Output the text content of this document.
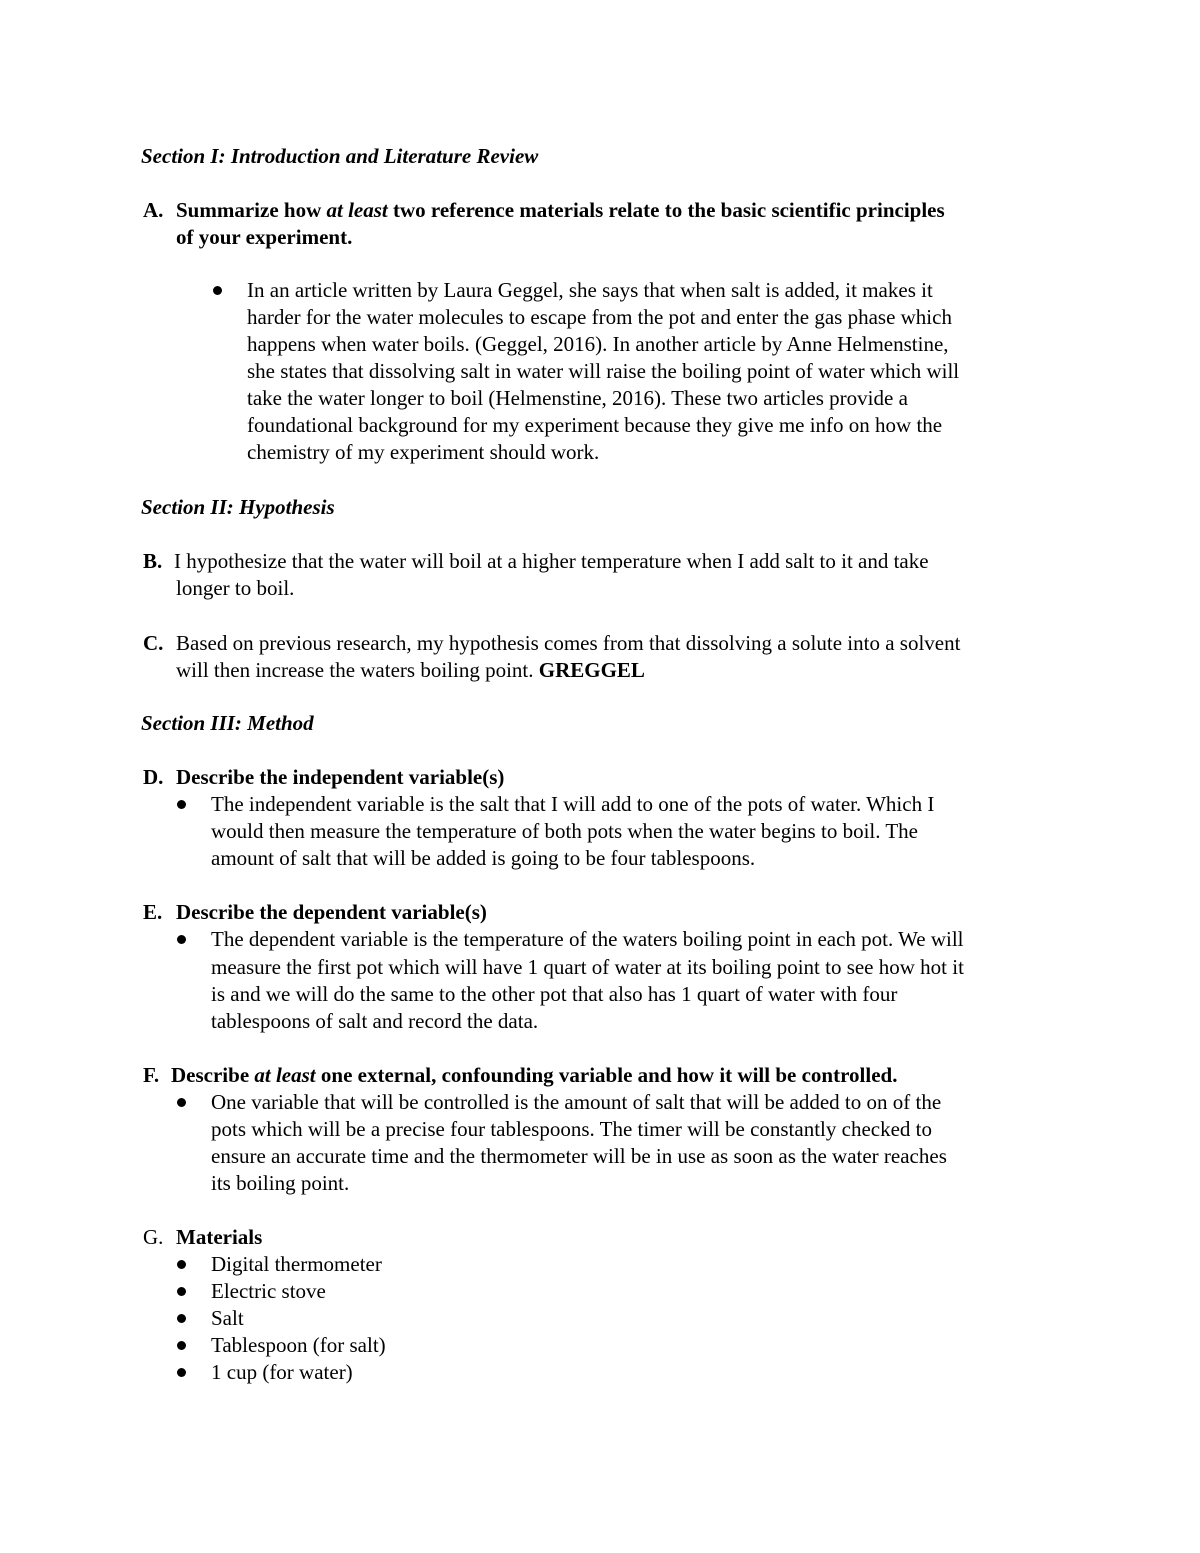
Section I: Introduction and Literature Review
A. Summarize how at least two reference materials relate to the basic scientific principles
of your experiment.
In an article written by Laura Geggel, she says that when salt is added, it makes it
harder for the water molecules to escape from the pot and enter the gas phase which
happens when water boils. (Geggel, 2016). In another article by Anne Helmenstine,
she states that dissolving salt in water will raise the boiling point of water which will
take the water longer to boil (Helmenstine, 2016). These two articles provide a
foundational background for my experiment because they give me info on how the
chemistry of my experiment should work.
Section II: Hypothesis
B. I hypothesize that the water will boil at a higher temperature when I add salt to it and take
longer to boil.
C. Based on previous research, my hypothesis comes from that dissolving a solute into a solvent
will then increase the waters boiling point. GREGGEL
Section III: Method
D. Describe the independent variable(s)
The independent variable is the salt that I will add to one of the pots of water. Which I
would then measure the temperature of both pots when the water begins to boil. The
amount of salt that will be added is going to be four tablespoons.
E. Describe the dependent variable(s)
The dependent variable is the temperature of the waters boiling point in each pot. We will
measure the first pot which will have 1 quart of water at its boiling point to see how hot it
is and we will do the same to the other pot that also has 1 quart of water with four
tablespoons of salt and record the data.
F. Describe at least one external, confounding variable and how it will be controlled.
One variable that will be controlled is the amount of salt that will be added to on of the
pots which will be a precise four tablespoons. The timer will be constantly checked to
ensure an accurate time and the thermometer will be in use as soon as the water reaches
its boiling point.
G. Materials
Digital thermometer
Electric stove
Salt
Tablespoon (for salt)
1 cup (for water)
